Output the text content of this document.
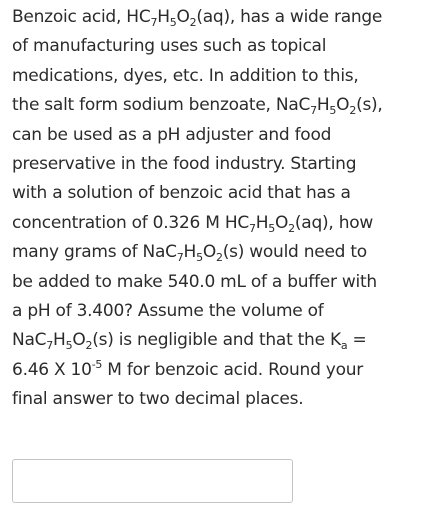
Benzoic acid, $HC_7H_5O_2(aq)$, has a wide range
of manufacturing uses such as topical
medications, dyes, etc. In addition to this,
the salt form sodium benzoate, $NaC_7H_5O_2(s)$,
can be used as a pH adjuster and food
preservative in the food industry. Starting
with a solution of benzoic acid that has a
concentration of 0.326 M $HC_7H_5O_2(aq)$, how
many grams of $NaC_7H_5O_2(s)$ would need to
be added to make 540.0 mL of a buffer with
a pH of 3.400? Assume the volume of
$NaC_7H_5O_2(s)$ is negligible and that the $K_a$ =
6.46 X $10^{-5}$ M for benzoic acid. Round your
final answer to two decimal places.
